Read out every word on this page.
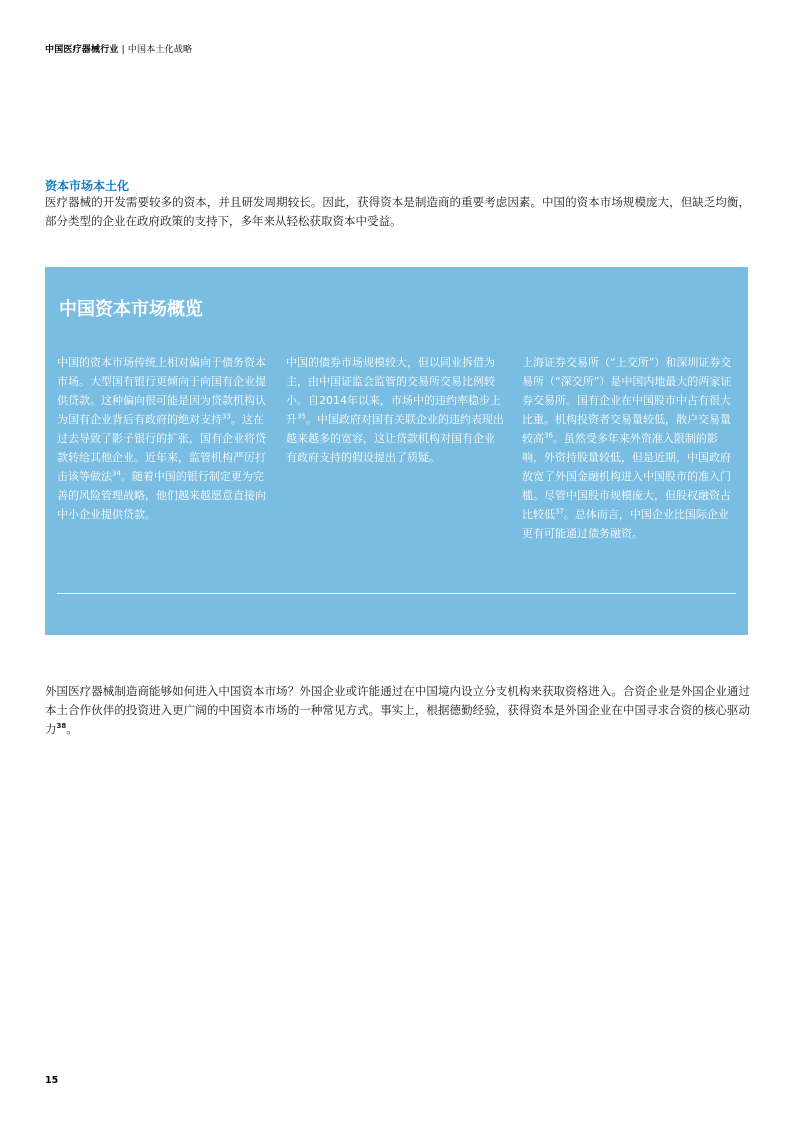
中国医疗器械行业 | 中国本土化战略
资本市场本土化
医疗器械的开发需要较多的资本，并且研发周期较长。因此，获得资本是制造商的重要考虑因素。中国的资本市场规模庞大，但缺乏均衡，部分类型的企业在政府政策的支持下，多年来从轻松获取资本中受益。
中国资本市场概览
中国的资本市场传统上相对偏向于债务资本市场。大型国有银行更倾向于向国有企业提供贷款。这种偏向很可能是因为贷款机构认为国有企业背后有政府的绝对支持$^{33}$。这在过去导致了影子银行的扩张，国有企业将贷款转给其他企业。近年来，监管机构严厉打击该等做法$^{34}$。随着中国的银行制定更为完善的风险管理战略，他们越来越愿意直接向中小企业提供贷款。
中国的债券市场规模较大，但以同业拆借为主，由中国证监会监管的交易所交易比例较小。自2014年以来，市场中的违约率稳步上升$^{35}$。中国政府对国有关联企业的违约表现出越来越多的宽容，这让贷款机构对国有企业有政府支持的假设提出了质疑。
上海证券交易所（“上交所”）和深圳证券交易所（“深交所”）是中国内地最大的两家证券交易所。国有企业在中国股市中占有很大比重。机构投资者交易量较低，散户交易量较高$^{36}$。虽然受多年来外资准入限制的影响，外资持股量较低，但是近期，中国政府放宽了外国金融机构进入中国股市的准入门槛。尽管中国股市规模庞大，但股权融资占比较低$^{37}$。总体而言，中国企业比国际企业更有可能通过债务融资。
外国医疗器械制造商能够如何进入中国资本市场？外国企业或许能通过在中国境内设立分支机构来获取资格进入。合资企业是外国企业通过本土合作伙伴的投资进入更广阔的中国资本市场的一种常见方式。事实上，根据德勤经验，获得资本是外国企业在中国寻求合资的核心驱动力$^{38}$。
15
